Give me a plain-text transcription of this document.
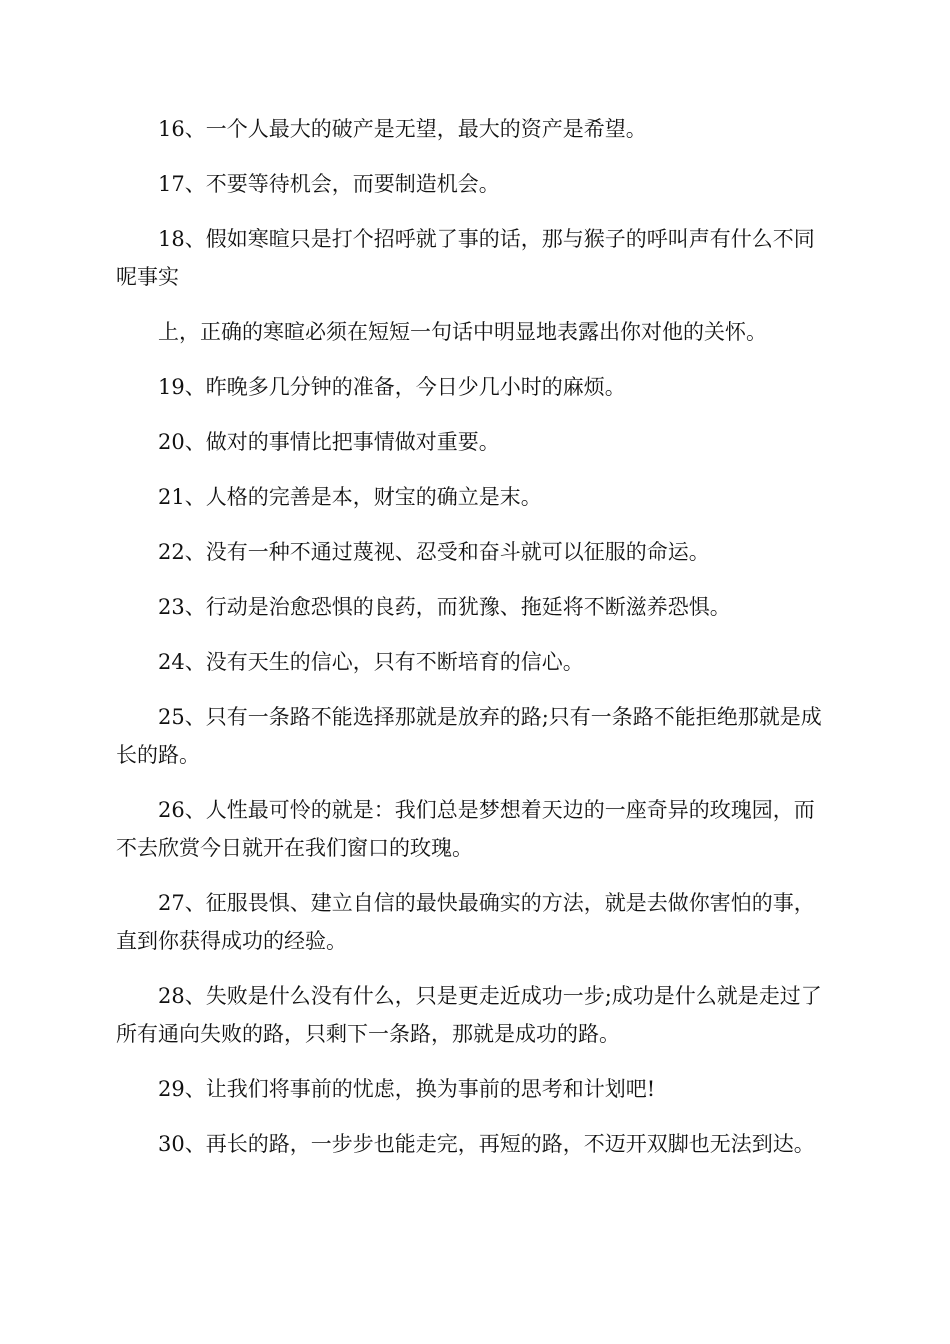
16、一个人最大的破产是无望，最大的资产是希望。

17、不要等待机会，而要制造机会。

18、假如寒暄只是打个招呼就了事的话，那与猴子的呼叫声有什么不同呢事实

上，正确的寒暄必须在短短一句话中明显地表露出你对他的关怀。

19、昨晚多几分钟的准备，今日少几小时的麻烦。

20、做对的事情比把事情做对重要。

21、人格的完善是本，财宝的确立是末。

22、没有一种不通过蔑视、忍受和奋斗就可以征服的命运。

23、行动是治愈恐惧的良药，而犹豫、拖延将不断滋养恐惧。

24、没有天生的信心，只有不断培育的信心。

25、只有一条路不能选择那就是放弃的路;只有一条路不能拒绝那就是成长的路。

26、人性最可怜的就是：我们总是梦想着天边的一座奇异的玫瑰园，而不去欣赏今日就开在我们窗口的玫瑰。

27、征服畏惧、建立自信的最快最确实的方法，就是去做你害怕的事，直到你获得成功的经验。

28、失败是什么没有什么，只是更走近成功一步;成功是什么就是走过了所有通向失败的路，只剩下一条路，那就是成功的路。

29、让我们将事前的忧虑，换为事前的思考和计划吧!

30、再长的路，一步步也能走完，再短的路，不迈开双脚也无法到达。
